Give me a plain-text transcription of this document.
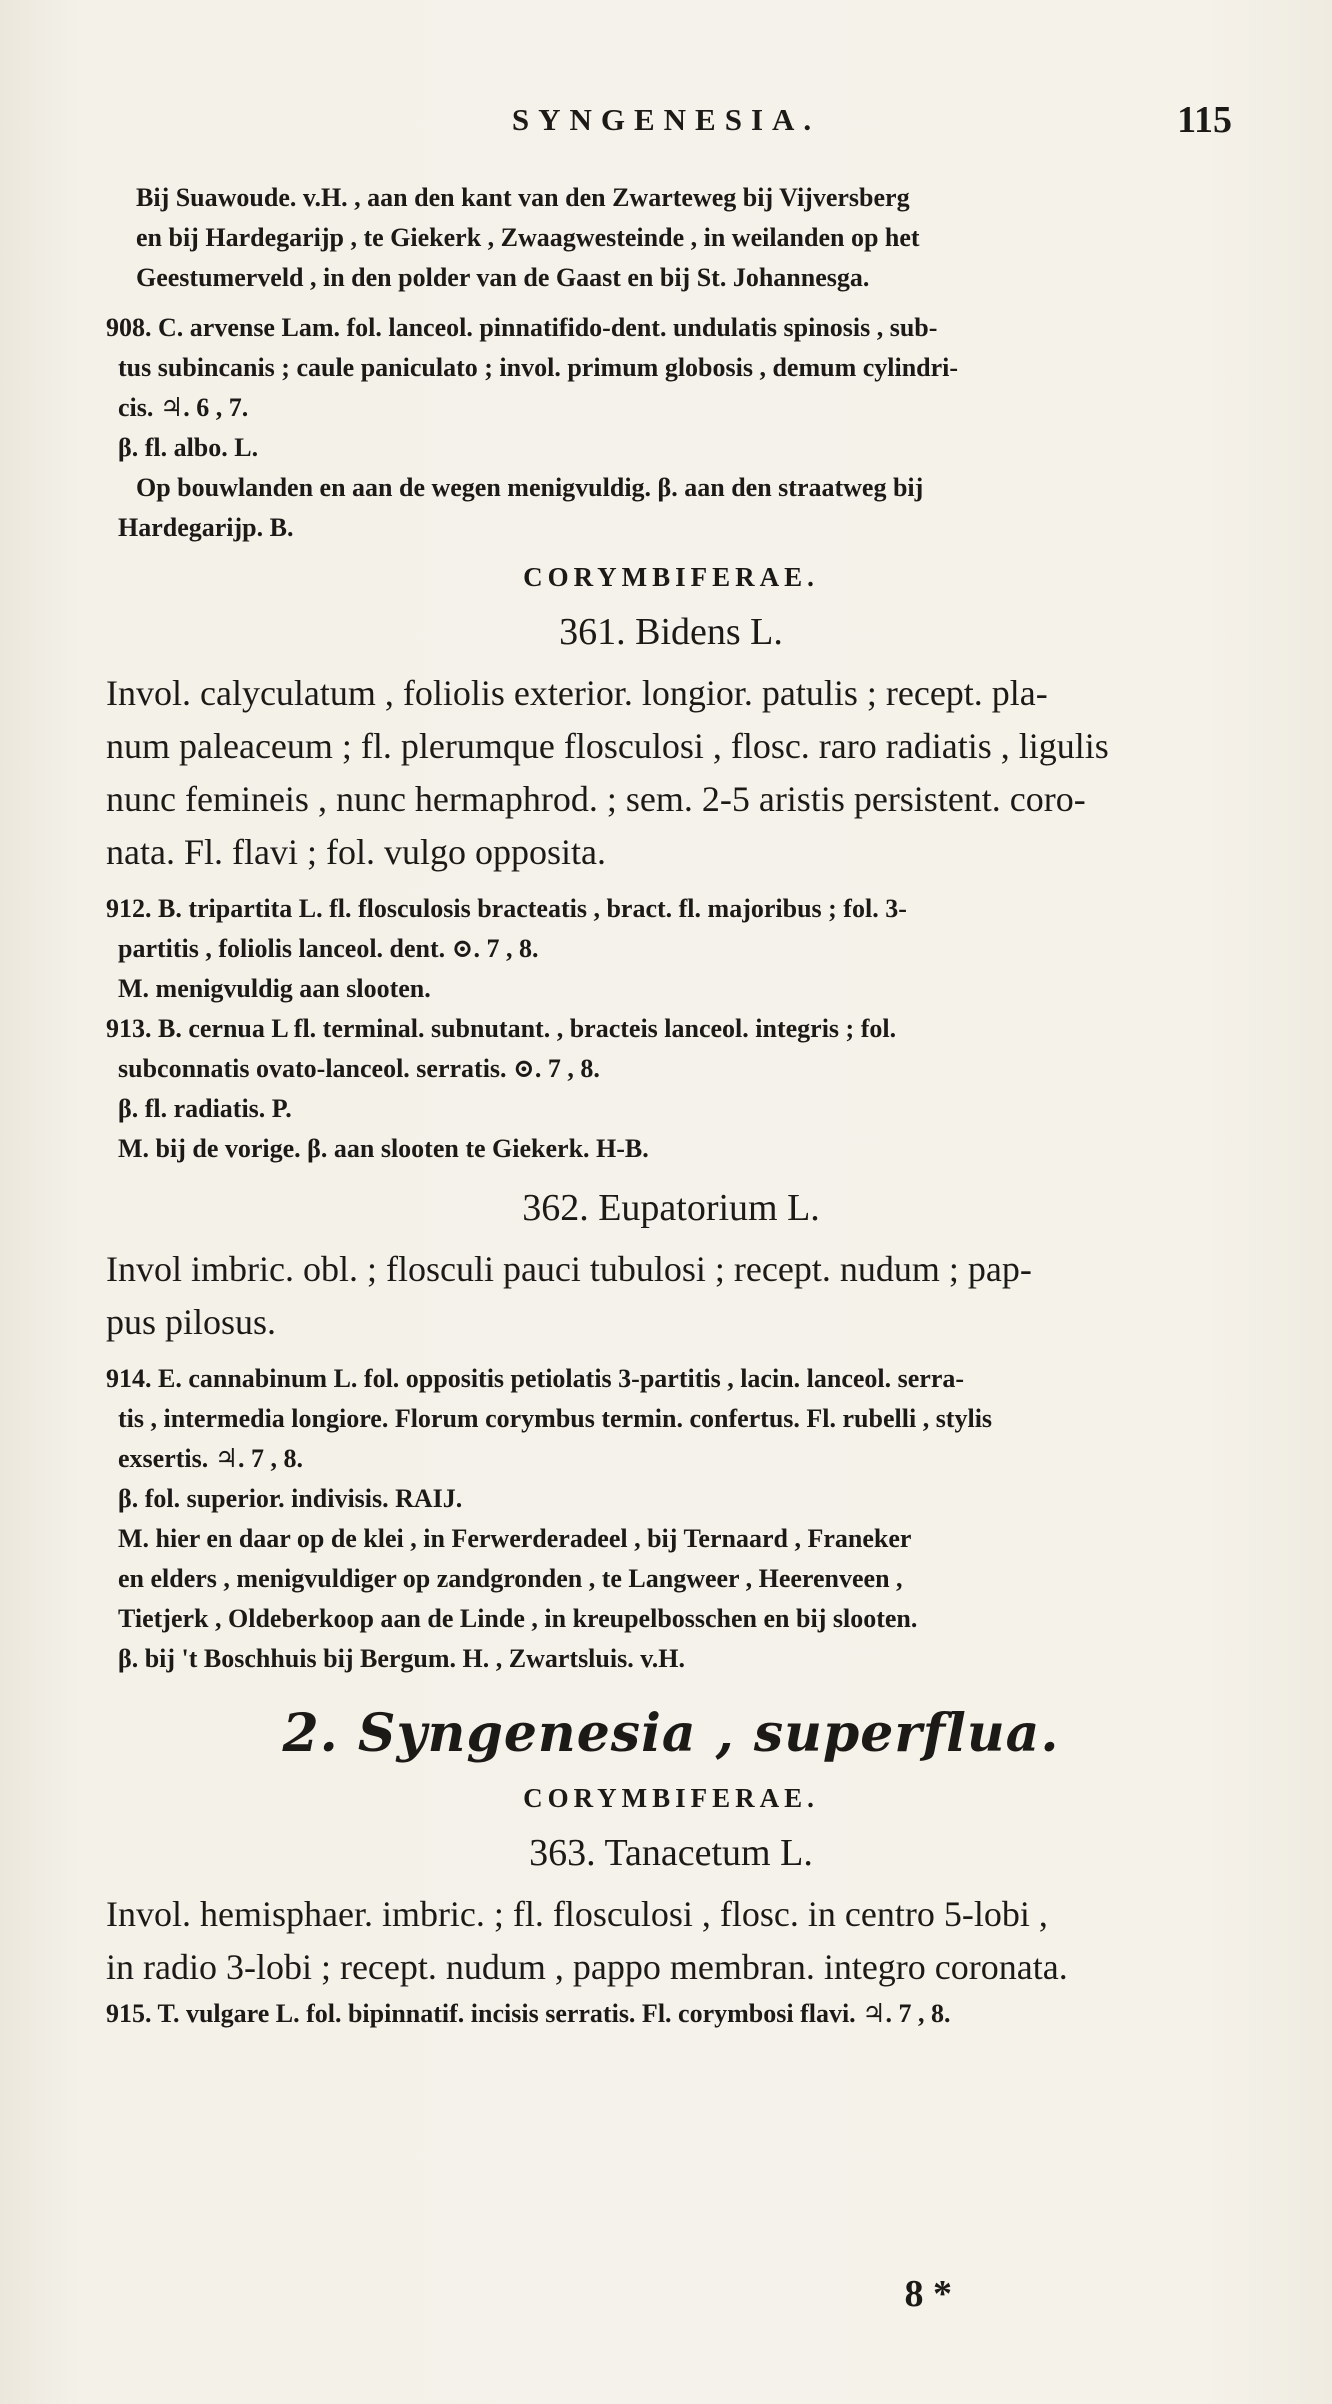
SYNGENESIA.	115

Bij Suawoude. v.H. , aan den kant van den Zwarteweg bij Vijversberg

en bij Hardegarijp , te Giekerk , Zwaagwesteinde , in weilanden op het

Geestumerveld , in den polder van de Gaast en bij St. Johannesga.

908. C. arvense Lam. fol. lanceol. pinnatifido-dent. undulatis spinosis , sub-

tus subincanis ; caule paniculato ; invol. primum globosis , demum cylindri-

cis. ♃. 6 , 7.

β. fl. albo. L.

Op bouwlanden en aan de wegen menigvuldig. β. aan den straatweg bij

Hardegarijp. B.

CORYMBIFERAE.
361. Bidens L.

Invol. calyculatum , foliolis exterior. longior. patulis ; recept. pla-

num paleaceum ; fl. plerumque flosculosi , flosc. raro radiatis , ligulis

nunc femineis , nunc hermaphrod. ; sem. 2-5 aristis persistent. coro-

nata. Fl. flavi ; fol. vulgo opposita.

912. B. tripartita L. fl. flosculosis bracteatis , bract. fl. majoribus ; fol. 3-

partitis , foliolis lanceol. dent. ⊙. 7 , 8.

M. menigvuldig aan slooten.

913. B. cernua L fl. terminal. subnutant. , bracteis lanceol. integris ; fol.

subconnatis ovato-lanceol. serratis. ⊙. 7 , 8.

β. fl. radiatis. P.

M. bij de vorige. β. aan slooten te Giekerk. H-B.

362. Eupatorium L.

Invol imbric. obl. ; flosculi pauci tubulosi ; recept. nudum ; pap-

pus pilosus.

914. E. cannabinum L. fol. oppositis petiolatis 3-partitis , lacin. lanceol. serra-

tis , intermedia longiore. Florum corymbus termin. confertus. Fl. rubelli , stylis

exsertis. ♃. 7 , 8.

β. fol. superior. indivisis. RAIJ.

M. hier en daar op de klei , in Ferwerderadeel , bij Ternaard , Franeker

en elders , menigvuldiger op zandgronden , te Langweer , Heerenveen ,

Tietjerk , Oldeberkoop aan de Linde , in kreupelbosschen en bij slooten.

β. bij 't Boschhuis bij Bergum. H. , Zwartsluis. v.H.

2. Syngenesia , superflua.
CORYMBIFERAE.
363. Tanacetum L.

Invol. hemisphaer. imbric. ; fl. flosculosi , flosc. in centro 5-lobi ,

in radio 3-lobi ; recept. nudum , pappo membran. integro coronata.

915. T. vulgare L. fol. bipinnatif. incisis serratis. Fl. corymbosi flavi. ♃. 7 , 8.

8 *
